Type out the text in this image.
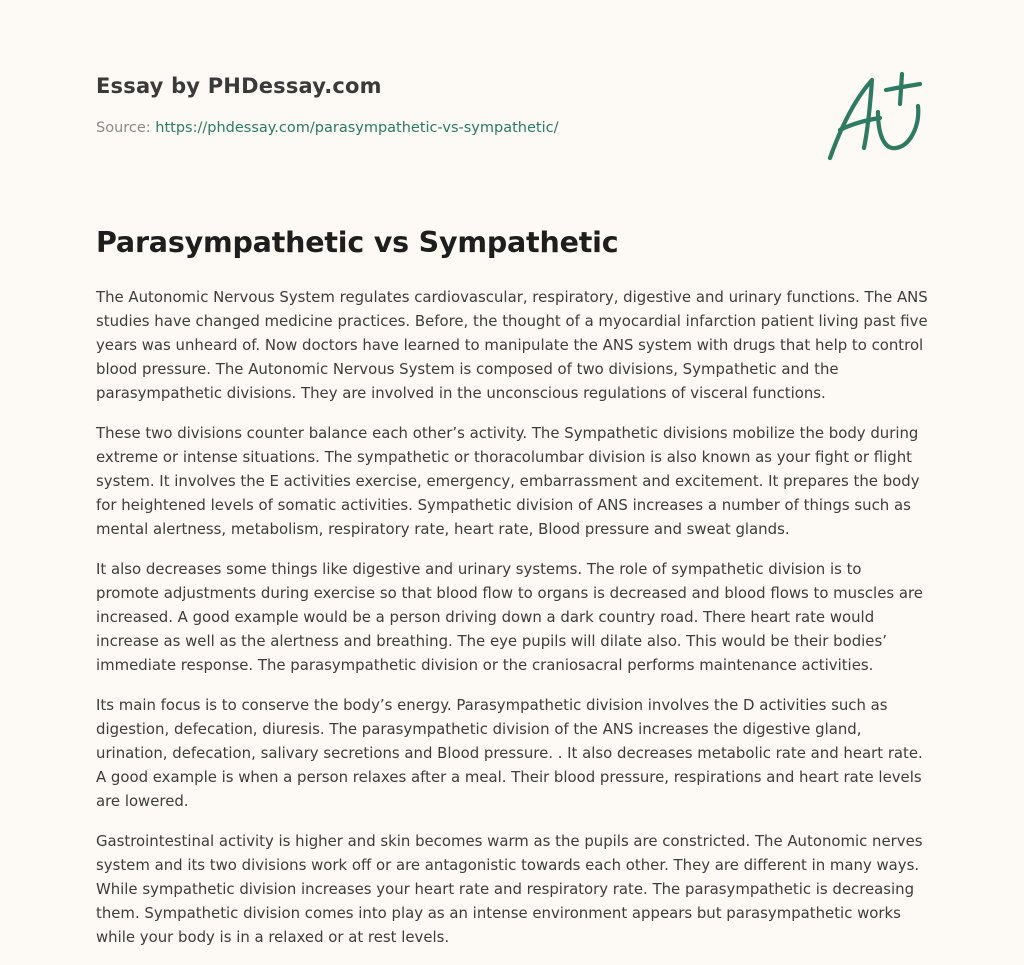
Essay by PHDessay.com
Source: https://phdessay.com/parasympathetic-vs-sympathetic/
Parasympathetic vs Sympathetic

The Autonomic Nervous System regulates cardiovascular, respiratory, digestive and urinary functions. The ANS studies have changed medicine practices. Before, the thought of a myocardial infarction patient living past five years was unheard of. Now doctors have learned to manipulate the ANS system with drugs that help to control blood pressure. The Autonomic Nervous System is composed of two divisions, Sympathetic and the parasympathetic divisions. They are involved in the unconscious regulations of visceral functions.

These two divisions counter balance each other’s activity. The Sympathetic divisions mobilize the body during extreme or intense situations. The sympathetic or thoracolumbar division is also known as your fight or flight system. It involves the E activities exercise, emergency, embarrassment and excitement. It prepares the body for heightened levels of somatic activities. Sympathetic division of ANS increases a number of things such as mental alertness, metabolism, respiratory rate, heart rate, Blood pressure and sweat glands.

It also decreases some things like digestive and urinary systems. The role of sympathetic division is to promote adjustments during exercise so that blood flow to organs is decreased and blood flows to muscles are increased. A good example would be a person driving down a dark country road. There heart rate would increase as well as the alertness and breathing. The eye pupils will dilate also. This would be their bodies’ immediate response. The parasympathetic division or the craniosacral performs maintenance activities.

Its main focus is to conserve the body’s energy. Parasympathetic division involves the D activities such as digestion, defecation, diuresis. The parasympathetic division of the ANS increases the digestive gland, urination, defecation, salivary secretions and Blood pressure. . It also decreases metabolic rate and heart rate. A good example is when a person relaxes after a meal. Their blood pressure, respirations and heart rate levels are lowered.

Gastrointestinal activity is higher and skin becomes warm as the pupils are constricted. The Autonomic nerves system and its two divisions work off or are antagonistic towards each other. They are different in many ways. While sympathetic division increases your heart rate and respiratory rate. The parasympathetic is decreasing them. Sympathetic division comes into play as an intense environment appears but parasympathetic works while your body is in a relaxed or at rest levels.
